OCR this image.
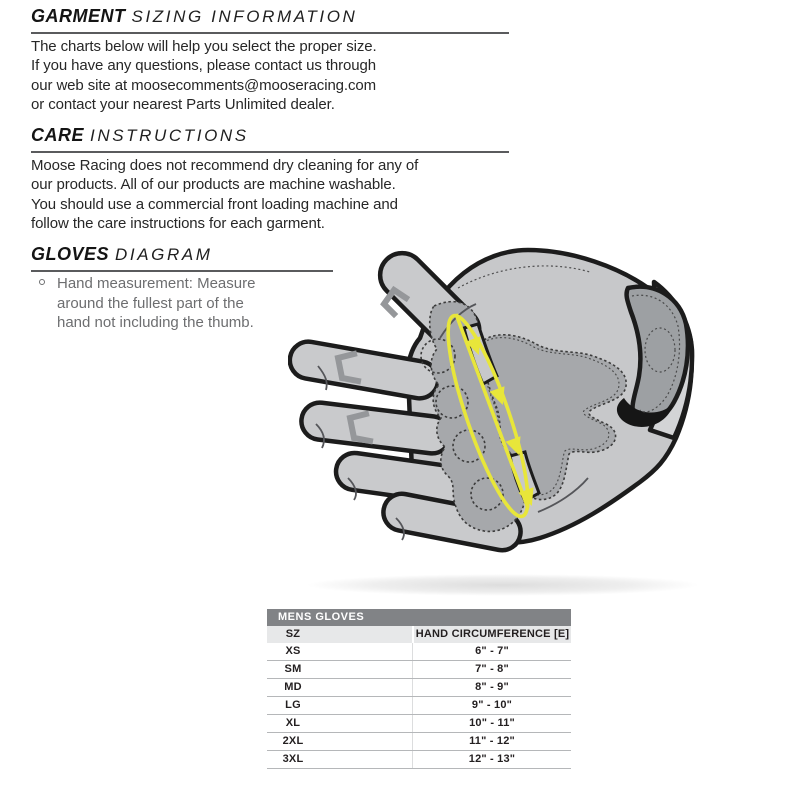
GARMENT SIZING INFORMATION
The charts below will help you select the proper size.
If you have any questions, please contact us through
our web site at moosecomments@mooseracing.com
or contact your nearest Parts Unlimited dealer.
CARE INSTRUCTIONS
Moose Racing does not recommend dry cleaning for any of
our products. All of our products are machine washable.
You should use a commercial front loading machine and
follow the care instructions for each garment.
GLOVES DIAGRAM
Hand measurement: Measure
around the fullest part of the
hand not including the thumb.
MENS GLOVES
SZ	HAND CIRCUMFERENCE [E]
XS	6" - 7"
SM	7" - 8"
MD	8" - 9"
LG	9" - 10"
XL	10" - 11"
2XL	11" - 12"
3XL	12" - 13"
